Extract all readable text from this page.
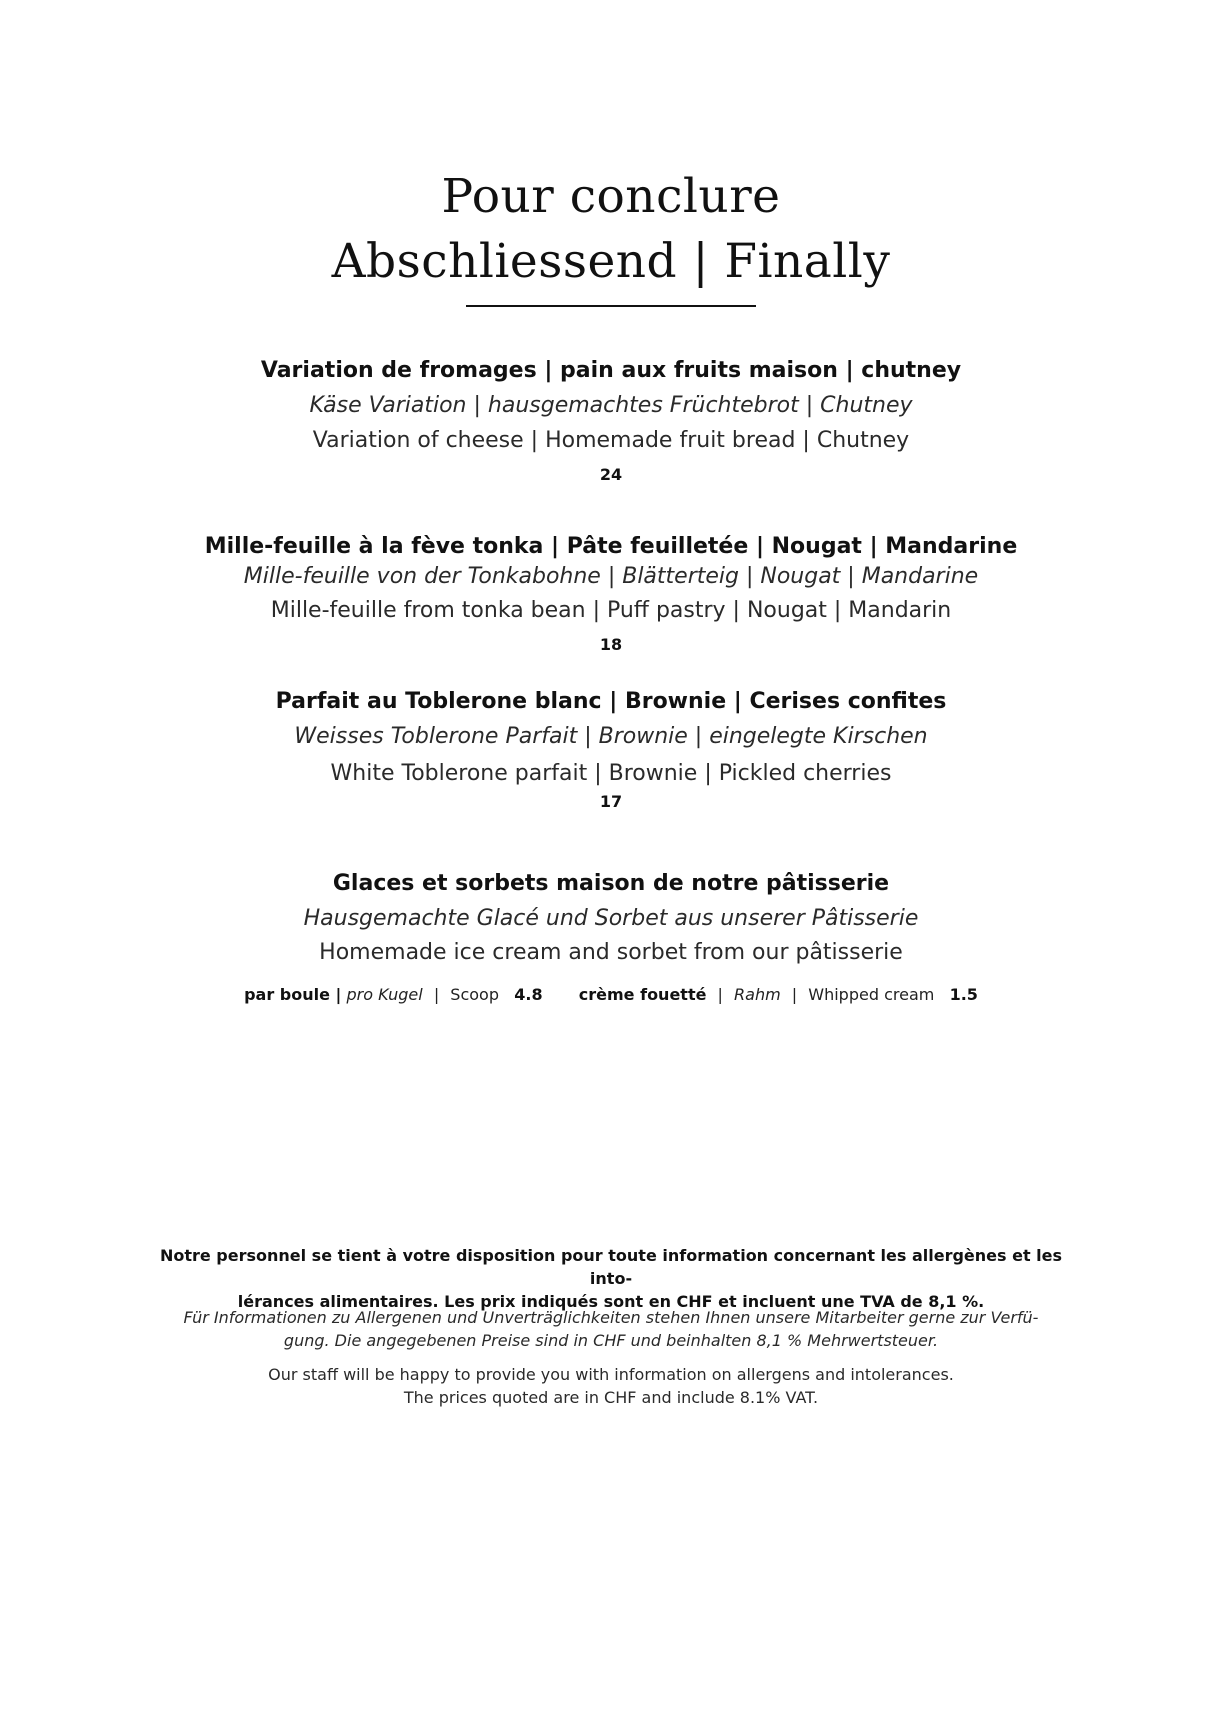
Pour conclure
Abschliessend | Finally
Variation de fromages | pain aux fruits maison | chutney
Käse Variation | hausgemachtes Früchtebrot | Chutney
Variation of cheese | Homemade fruit bread | Chutney
24
Mille-feuille à la fève tonka | Pâte feuilletée | Nougat | Mandarine
Mille-feuille von der Tonkabohne | Blätterteig | Nougat | Mandarine
Mille-feuille from tonka bean | Puff pastry | Nougat | Mandarin
18
Parfait au Toblerone blanc | Brownie | Cerises confites
Weisses Toblerone Parfait | Brownie | eingelegte Kirschen
White Toblerone parfait | Brownie | Pickled cherries
17
Glaces et sorbets maison de notre pâtisserie
Hausgemachte Glacé und Sorbet aus unserer Pâtisserie
Homemade ice cream and sorbet from our pâtisserie
par boule | pro Kugel | Scoop 4.8 crème fouetté | Rahm | Whipped cream 1.5
Notre personnel se tient à votre disposition pour toute information concernant les allergènes et les into-
lérances alimentaires. Les prix indiqués sont en CHF et incluent une TVA de 8,1 %.
Für Informationen zu Allergenen und Unverträglichkeiten stehen Ihnen unsere Mitarbeiter gerne zur Verfü-
gung. Die angegebenen Preise sind in CHF und beinhalten 8,1 % Mehrwertsteuer.
Our staff will be happy to provide you with information on allergens and intolerances.
The prices quoted are in CHF and include 8.1% VAT.
